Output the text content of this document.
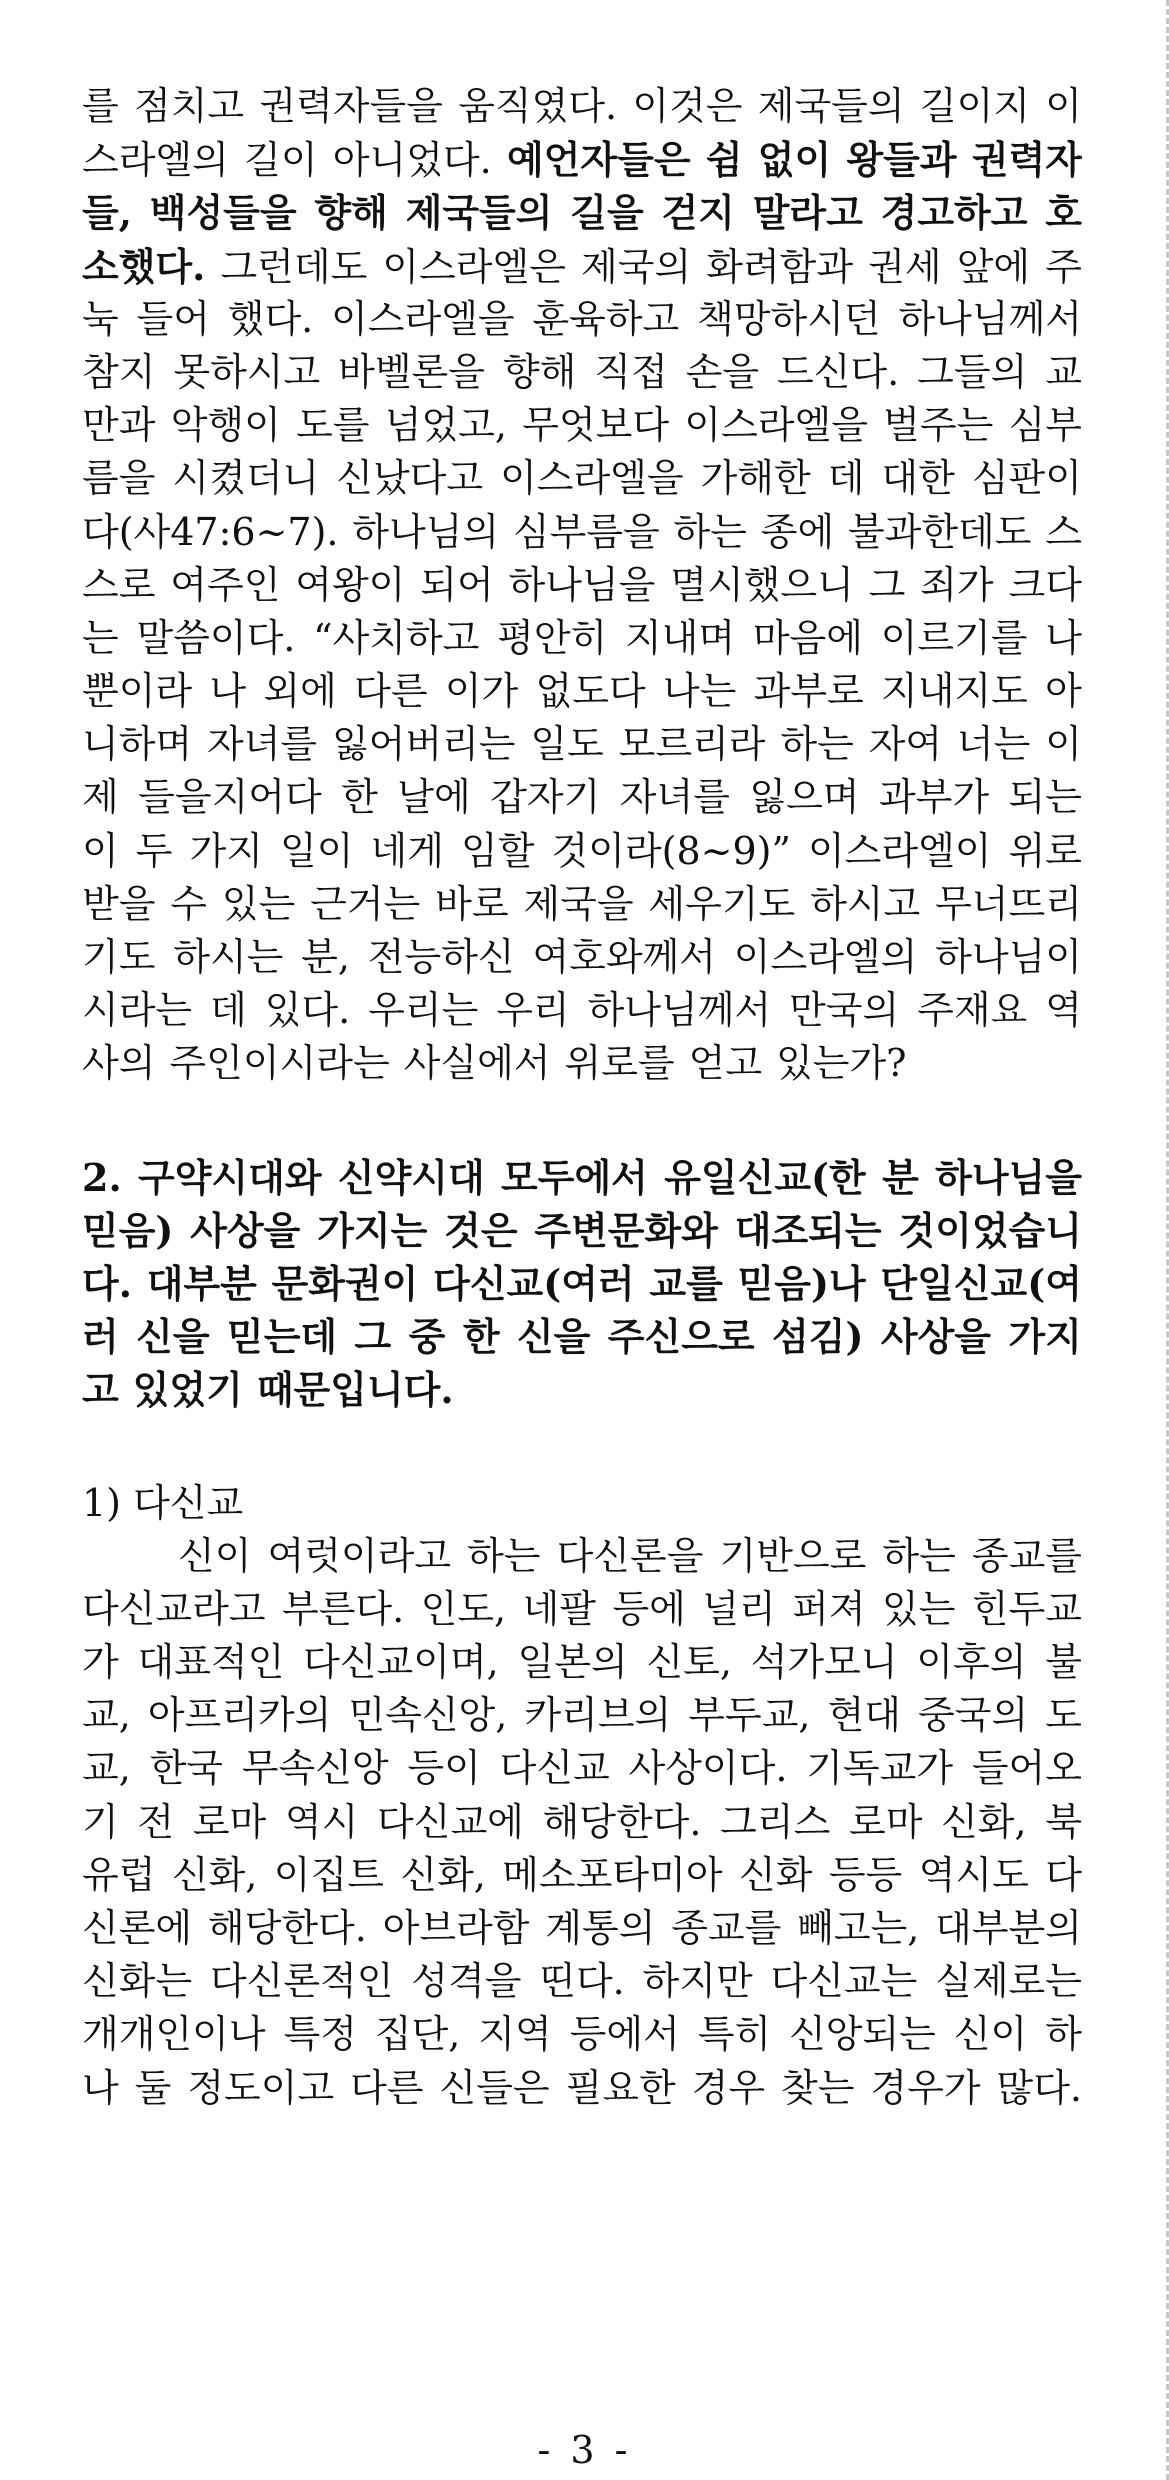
를 점치고 권력자들을 움직였다. 이것은 제국들의 길이지 이
스라엘의 길이 아니었다. 예언자들은 쉼 없이 왕들과 권력자
들, 백성들을 향해 제국들의 길을 걷지 말라고 경고하고 호
소했다. 그런데도 이스라엘은 제국의 화려함과 권세 앞에 주
눅 들어 했다. 이스라엘을 훈육하고 책망하시던 하나님께서
참지 못하시고 바벨론을 향해 직접 손을 드신다. 그들의 교
만과 악행이 도를 넘었고, 무엇보다 이스라엘을 벌주는 심부
름을 시켰더니 신났다고 이스라엘을 가해한 데 대한 심판이
다(사47:6~7). 하나님의 심부름을 하는 종에 불과한데도 스
스로 여주인 여왕이 되어 하나님을 멸시했으니 그 죄가 크다
는 말씀이다. “사치하고 평안히 지내며 마음에 이르기를 나
뿐이라 나 외에 다른 이가 없도다 나는 과부로 지내지도 아
니하며 자녀를 잃어버리는 일도 모르리라 하는 자여 너는 이
제 들을지어다 한 날에 갑자기 자녀를 잃으며 과부가 되는
이 두 가지 일이 네게 임할 것이라(8~9)” 이스라엘이 위로
받을 수 있는 근거는 바로 제국을 세우기도 하시고 무너뜨리
기도 하시는 분, 전능하신 여호와께서 이스라엘의 하나님이
시라는 데 있다. 우리는 우리 하나님께서 만국의 주재요 역
사의 주인이시라는 사실에서 위로를 얻고 있는가?
2. 구약시대와 신약시대 모두에서 유일신교(한 분 하나님을
믿음) 사상을 가지는 것은 주변문화와 대조되는 것이었습니
다. 대부분 문화권이 다신교(여러 교를 믿음)나 단일신교(여
러 신을 믿는데 그 중 한 신을 주신으로 섬김) 사상을 가지
고 있었기 때문입니다.
1) 다신교
신이 여럿이라고 하는 다신론을 기반으로 하는 종교를
다신교라고 부른다. 인도, 네팔 등에 널리 퍼져 있는 힌두교
가 대표적인 다신교이며, 일본의 신토, 석가모니 이후의 불
교, 아프리카의 민속신앙, 카리브의 부두교, 현대 중국의 도
교, 한국 무속신앙 등이 다신교 사상이다. 기독교가 들어오
기 전 로마 역시 다신교에 해당한다. 그리스 로마 신화, 북
유럽 신화, 이집트 신화, 메소포타미아 신화 등등 역시도 다
신론에 해당한다. 아브라함 계통의 종교를 빼고는, 대부분의
신화는 다신론적인 성격을 띤다. 하지만 다신교는 실제로는
개개인이나 특정 집단, 지역 등에서 특히 신앙되는 신이 하
나 둘 정도이고 다른 신들은 필요한 경우 찾는 경우가 많다.
- 3 -
